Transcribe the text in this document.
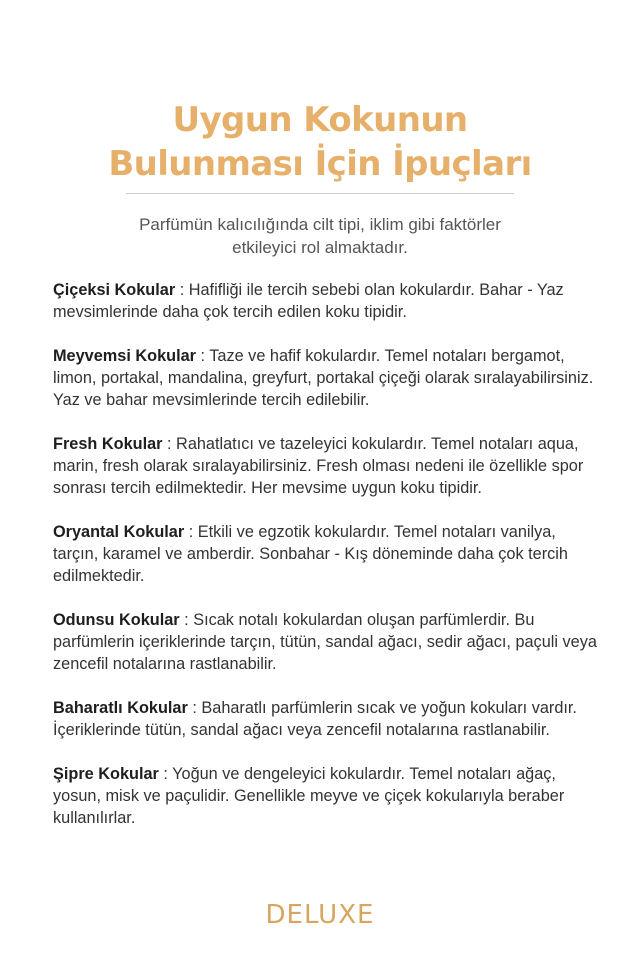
Uygun Kokunun
Bulunması İçin İpuçları

Parfümün kalıcılığında cilt tipi, iklim gibi faktörler
etkileyici rol almaktadır.

Çiçeksi Kokular : Hafifliği ile tercih sebebi olan kokulardır. Bahar - Yaz mevsimlerinde daha çok tercih edilen koku tipidir.

Meyvemsi Kokular : Taze ve hafif kokulardır. Temel notaları bergamot, limon, portakal, mandalina, greyfurt, portakal çiçeği olarak sıralayabilirsiniz. Yaz ve bahar mevsimlerinde tercih edilebilir.

Fresh Kokular : Rahatlatıcı ve tazeleyici kokulardır. Temel notaları aqua, marin, fresh olarak sıralayabilirsiniz. Fresh olması nedeni ile özellikle spor sonrası tercih edilmektedir. Her mevsime uygun koku tipidir.

Oryantal Kokular : Etkili ve egzotik kokulardır. Temel notaları vanilya, tarçın, karamel ve amberdir. Sonbahar - Kış döneminde daha çok tercih edilmektedir.

Odunsu Kokular : Sıcak notalı kokulardan oluşan parfümlerdir. Bu parfümlerin içeriklerinde tarçın, tütün, sandal ağacı, sedir ağacı, paçuli veya zencefil notalarına rastlanabilir.

Baharatlı Kokular : Baharatlı parfümlerin sıcak ve yoğun kokuları vardır. İçeriklerinde tütün, sandal ağacı veya zencefil notalarına rastlanabilir.

Şipre Kokular : Yoğun ve dengeleyici kokulardır. Temel notaları ağaç, yosun, misk ve paçulidir. Genellikle meyve ve çiçek kokularıyla beraber kullanılırlar.

DELUXE
